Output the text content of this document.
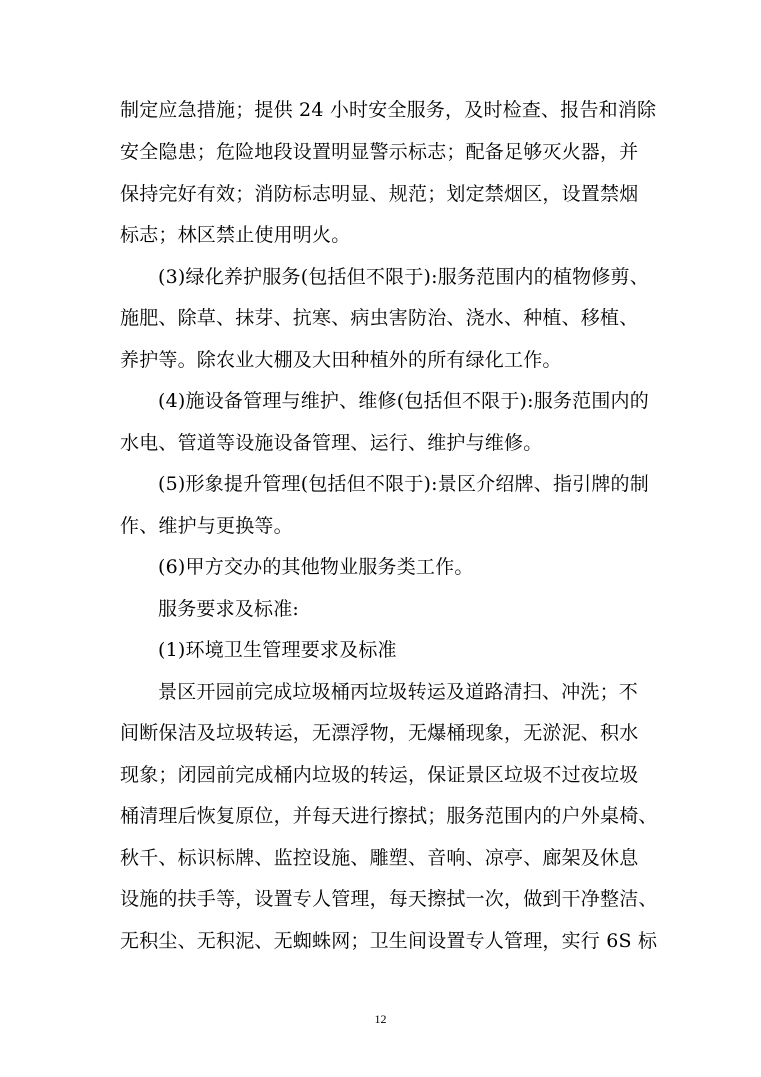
制定应急措施；提供 24 小时安全服务，及时检查、报告和消除
安全隐患；危险地段设置明显警示标志；配备足够灭火器，并
保持完好有效；消防标志明显、规范；划定禁烟区，设置禁烟
标志；林区禁止使用明火。
(3)绿化养护服务(包括但不限于):服务范围内的植物修剪、
施肥、除草、抹芽、抗寒、病虫害防治、浇水、种植、移植、
养护等。除农业大棚及大田种植外的所有绿化工作。
(4)施设备管理与维护、维修(包括但不限于):服务范围内的
水电、管道等设施设备管理、运行、维护与维修。
(5)形象提升管理(包括但不限于):景区介绍牌、指引牌的制
作、维护与更换等。
(6)甲方交办的其他物业服务类工作。
服务要求及标准:
(1)环境卫生管理要求及标准
景区开园前完成垃圾桶丙垃圾转运及道路清扫、冲洗；不
间断保洁及垃圾转运，无漂浮物，无爆桶现象，无淤泥、积水
现象；闭园前完成桶内垃圾的转运，保证景区垃圾不过夜垃圾
桶清理后恢复原位，并每天进行擦拭；服务范围内的户外桌椅、
秋千、标识标牌、监控设施、雕塑、音响、凉亭、廊架及休息
设施的扶手等，设置专人管理，每天擦拭一次，做到干净整洁、
无积尘、无积泥、无蜘蛛网；卫生间设置专人管理，实行 6S 标
12
